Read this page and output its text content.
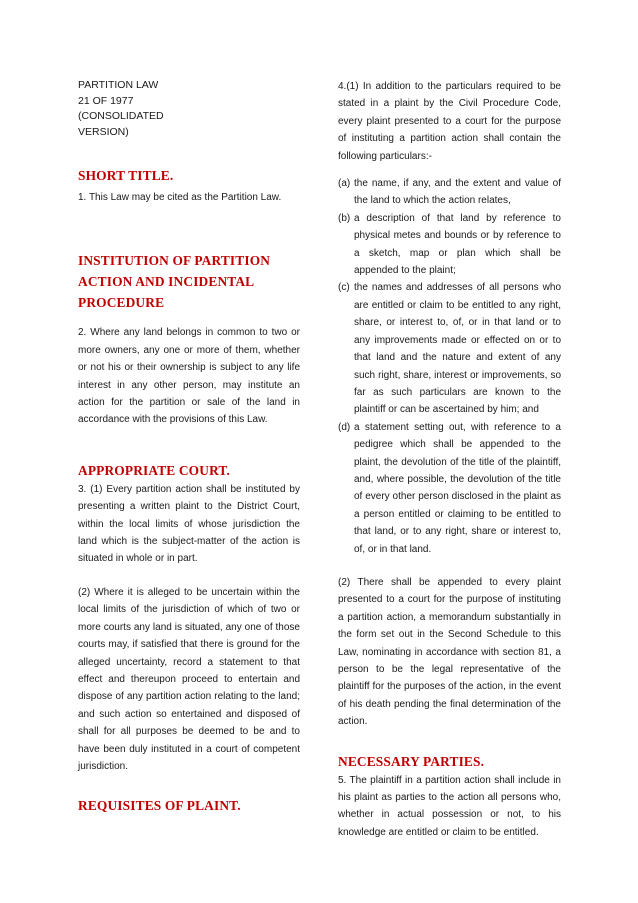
PARTITION LAW
21 OF 1977
(CONSOLIDATED
VERSION)
SHORT TITLE.

1. This Law may be cited as the Partition Law.

INSTITUTION OF PARTITION
ACTION AND INCIDENTAL
PROCEDURE

2. Where any land belongs in common to two or more owners, any one or more of them, whether or not his or their ownership is subject to any life interest in any other person, may institute an action for the partition or sale of the land in accordance with the provisions of this Law.

APPROPRIATE COURT.

3. (1) Every partition action shall be instituted by presenting a written plaint to the District Court, within the local limits of whose jurisdiction the land which is the subject-matter of the action is situated in whole or in part.

(2) Where it is alleged to be uncertain within the local limits of the jurisdiction of which of two or more courts any land is situated, any one of those courts may, if satisfied that there is ground for the alleged uncertainty, record a statement to that effect and thereupon proceed to entertain and dispose of any partition action relating to the land; and such action so entertained and disposed of shall for all purposes be deemed to be and to have been duly instituted in a court of competent jurisdiction.

REQUISITES OF PLAINT.

4.(1) In addition to the particulars required to be stated in a plaint by the Civil Procedure Code, every plaint presented to a court for the purpose of instituting a partition action shall contain the following particulars:-

(a) the name, if any, and the extent and value of the land to which the action relates,
(b) a description of that land by reference to physical metes and bounds or by reference to a sketch, map or plan which shall be appended to the plaint;
(c) the names and addresses of all persons who are entitled or claim to be entitled to any right, share, or interest to, of, or in that land or to any improvements made or effected on or to that land and the nature and extent of any such right, share, interest or improvements, so far as such particulars are known to the plaintiff or can be ascertained by him; and
(d) a statement setting out, with reference to a pedigree which shall be appended to the plaint, the devolution of the title of the plaintiff, and, where possible, the devolution of the title of every other person disclosed in the plaint as a person entitled or claiming to be entitled to that land, or to any right, share or interest to, of, or in that land.

(2) There shall be appended to every plaint presented to a court for the purpose of instituting a partition action, a memorandum substantially in the form set out in the Second Schedule to this Law, nominating in accordance with section 81, a person to be the legal representative of the plaintiff for the purposes of the action, in the event of his death pending the final determination of the action.

NECESSARY PARTIES.

5. The plaintiff in a partition action shall include in his plaint as parties to the action all persons who, whether in actual possession or not, to his knowledge are entitled or claim to be entitled.
